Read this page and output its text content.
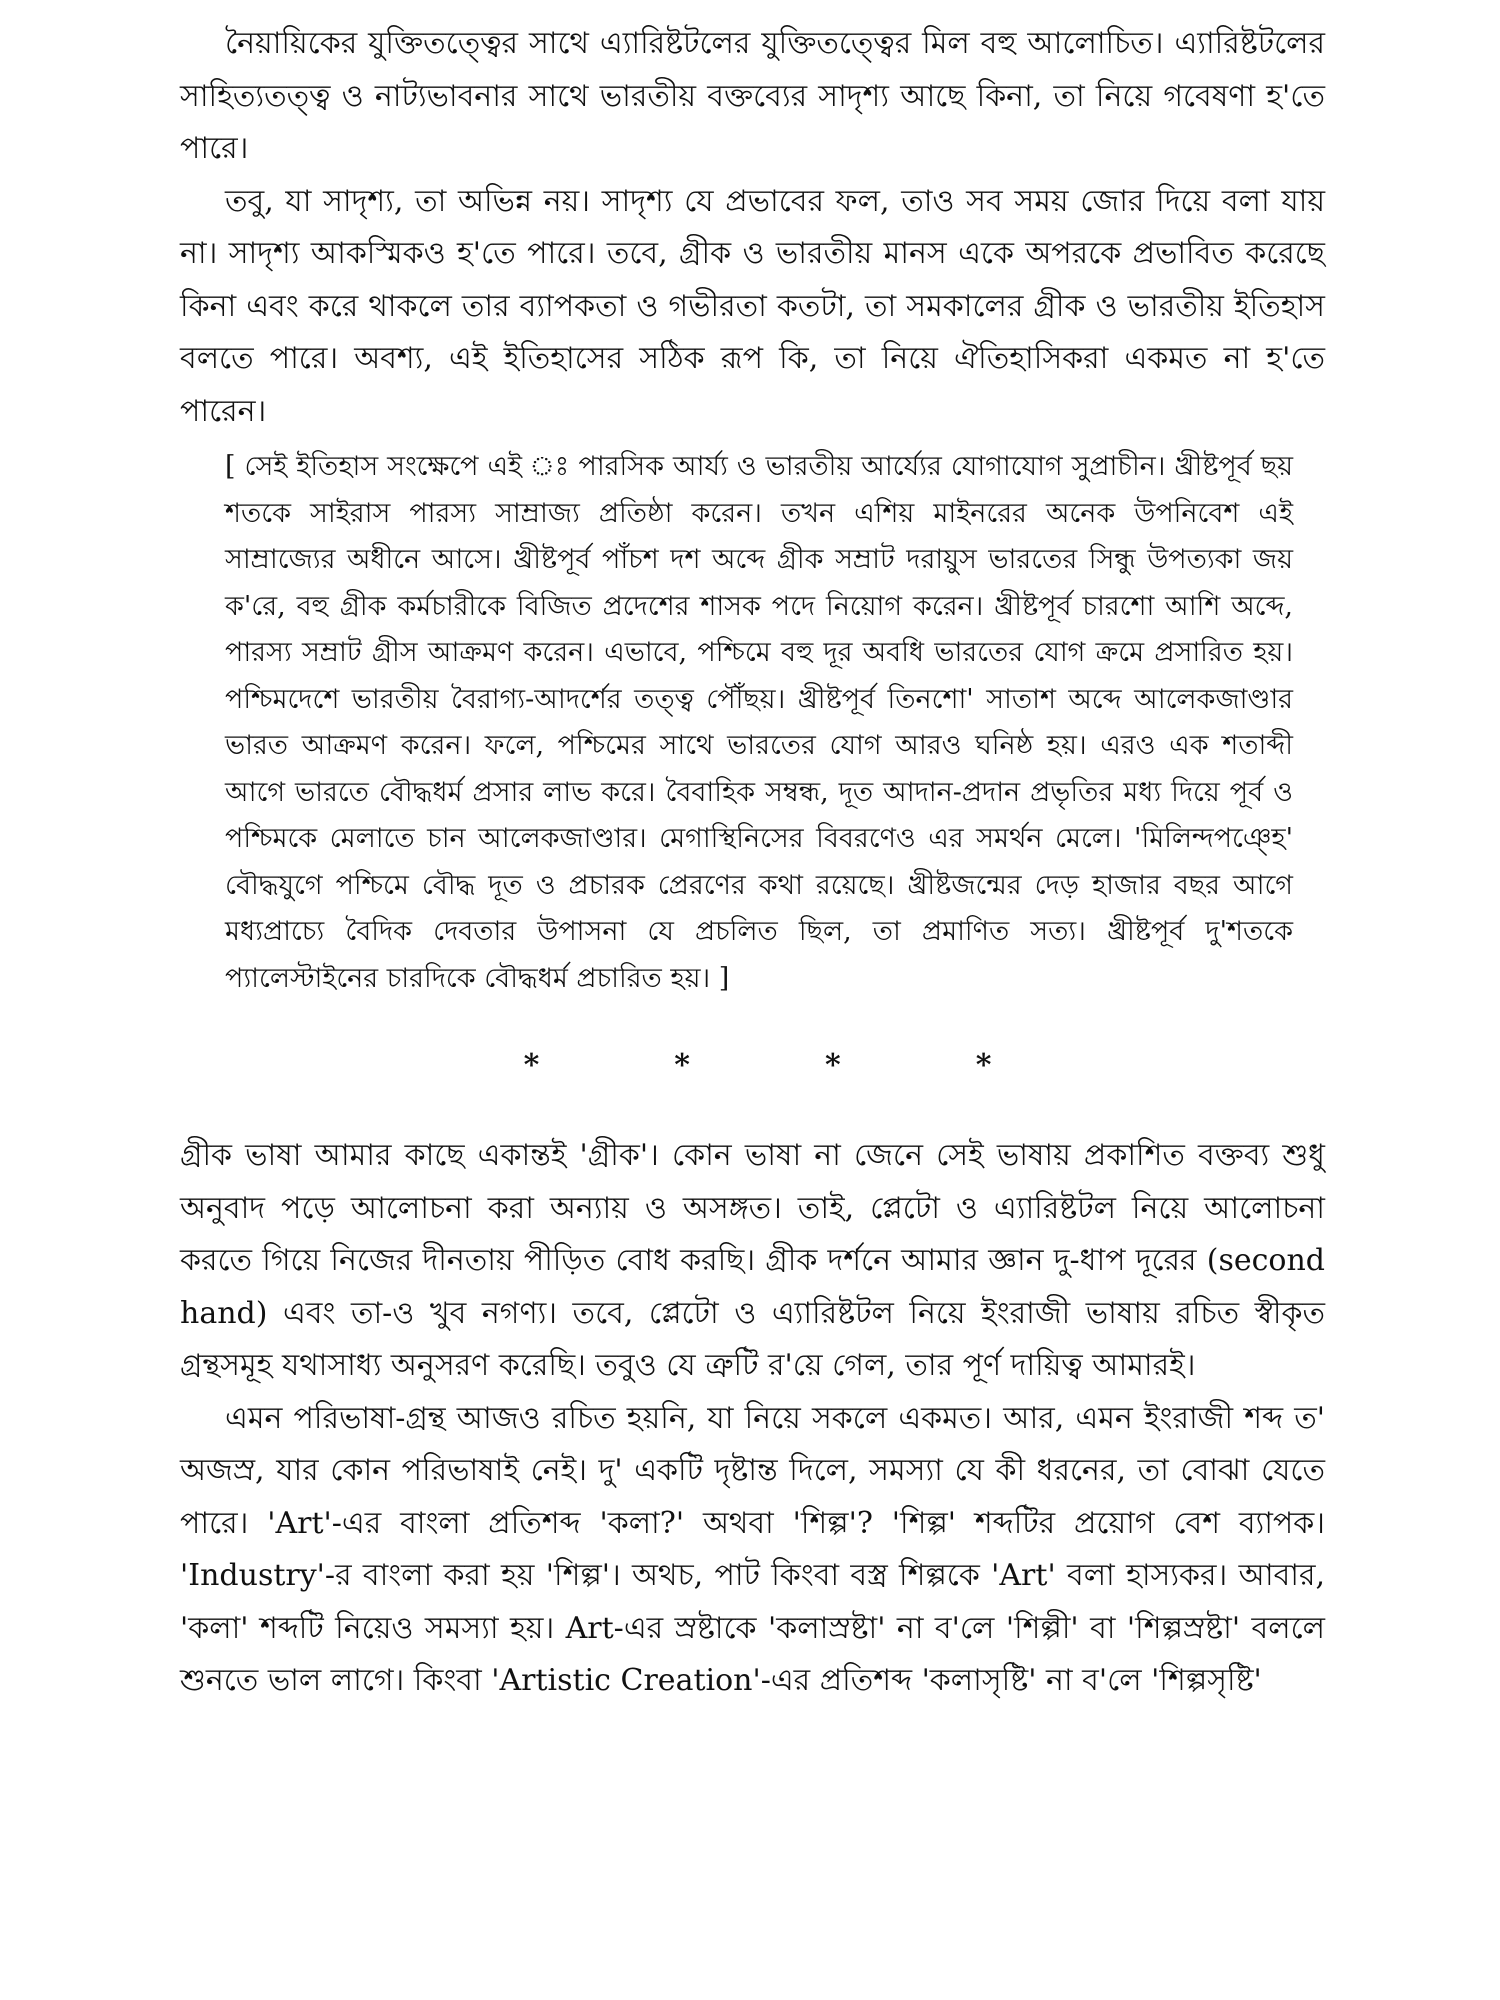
নৈয়ায়িকের যুক্তিতত্ত্বের সাথে এ্যারিষ্টটলের যুক্তিতত্ত্বের মিল বহু আলোচিত। এ্যারিষ্টটলের সাহিত্যতত্ত্ব ও নাট্যভাবনার সাথে ভারতীয় বক্তব্যের সাদৃশ্য আছে কিনা, তা নিয়ে গবেষণা হ'তে পারে।

তবু, যা সাদৃশ্য, তা অভিন্ন নয়। সাদৃশ্য যে প্রভাবের ফল, তাও সব সময় জোর দিয়ে বলা যায় না। সাদৃশ্য আকস্মিকও হ'তে পারে। তবে, গ্রীক ও ভারতীয় মানস একে অপরকে প্রভাবিত করেছে কিনা এবং করে থাকলে তার ব্যাপকতা ও গভীরতা কতটা, তা সমকালের গ্রীক ও ভারতীয় ইতিহাস বলতে পারে। অবশ্য, এই ইতিহাসের সঠিক রূপ কি, তা নিয়ে ঐতিহাসিকরা একমত না হ'তে পারেন।

[ সেই ইতিহাস সংক্ষেপে এই ঃ পারসিক আর্য্য ও ভারতীয় আর্য্যের যোগাযোগ সুপ্রাচীন। খ্রীষ্টপূর্ব ছয় শতকে সাইরাস পারস্য সাম্রাজ্য প্রতিষ্ঠা করেন। তখন এশিয় মাইনরের অনেক উপনিবেশ এই সাম্রাজ্যের অধীনে আসে। খ্রীষ্টপূর্ব পাঁচশ দশ অব্দে গ্রীক সম্রাট দরায়ুস ভারতের সিন্ধু উপত্যকা জয় ক'রে, বহু গ্রীক কর্মচারীকে বিজিত প্রদেশের শাসক পদে নিয়োগ করেন। খ্রীষ্টপূর্ব চারশো আশি অব্দে, পারস্য সম্রাট গ্রীস আক্রমণ করেন। এভাবে, পশ্চিমে বহু দূর অবধি ভারতের যোগ ক্রমে প্রসারিত হয়। পশ্চিমদেশে ভারতীয় বৈরাগ্য-আদর্শের তত্ত্ব পৌঁছয়। খ্রীষ্টপূর্ব তিনশো' সাতাশ অব্দে আলেকজাণ্ডার ভারত আক্রমণ করেন। ফলে, পশ্চিমের সাথে ভারতের যোগ আরও ঘনিষ্ঠ হয়। এরও এক শতাব্দী আগে ভারতে বৌদ্ধধর্ম প্রসার লাভ করে। বৈবাহিক সম্বন্ধ, দূত আদান-প্রদান প্রভৃতির মধ্য দিয়ে পূর্ব ও পশ্চিমকে মেলাতে চান আলেকজাণ্ডার। মেগাস্থিনিসের বিবরণেও এর সমর্থন মেলে। 'মিলিন্দপঞ্হে' বৌদ্ধযুগে পশ্চিমে বৌদ্ধ দূত ও প্রচারক প্রেরণের কথা রয়েছে। খ্রীষ্টজন্মের দেড় হাজার বছর আগে মধ্যপ্রাচ্যে বৈদিক দেবতার উপাসনা যে প্রচলিত ছিল, তা প্রমাণিত সত্য। খ্রীষ্টপূর্ব দু'শতকে প্যালেস্টাইনের চারদিকে বৌদ্ধধর্ম প্রচারিত হয়। ]

*	*	*	*

গ্রীক ভাষা আমার কাছে একান্তই 'গ্রীক'। কোন ভাষা না জেনে সেই ভাষায় প্রকাশিত বক্তব্য শুধু অনুবাদ পড়ে আলোচনা করা অন্যায় ও অসঙ্গত। তাই, প্লেটো ও এ্যারিষ্টটল নিয়ে আলোচনা করতে গিয়ে নিজের দীনতায় পীড়িত বোধ করছি। গ্রীক দর্শনে আমার জ্ঞান দু-ধাপ দূরের (second hand) এবং তা-ও খুব নগণ্য। তবে, প্লেটো ও এ্যারিষ্টটল নিয়ে ইংরাজী ভাষায় রচিত স্বীকৃত গ্রন্থসমূহ যথাসাধ্য অনুসরণ করেছি। তবুও যে ত্রুটি র'য়ে গেল, তার পূর্ণ দায়িত্ব আমারই।

এমন পরিভাষা-গ্রন্থ আজও রচিত হয়নি, যা নিয়ে সকলে একমত। আর, এমন ইংরাজী শব্দ ত' অজস্র, যার কোন পরিভাষাই নেই। দু' একটি দৃষ্টান্ত দিলে, সমস্যা যে কী ধরনের, তা বোঝা যেতে পারে। 'Art'-এর বাংলা প্রতিশব্দ 'কলা?' অথবা 'শিল্প'? 'শিল্প' শব্দটির প্রয়োগ বেশ ব্যাপক। 'Industry'-র বাংলা করা হয় 'শিল্প'। অথচ, পাট কিংবা বস্ত্র শিল্পকে 'Art' বলা হাস্যকর। আবার, 'কলা' শব্দটি নিয়েও সমস্যা হয়। Art-এর স্রষ্টাকে 'কলাস্রষ্টা' না ব'লে 'শিল্পী' বা 'শিল্পস্রষ্টা' বললে শুনতে ভাল লাগে। কিংবা 'Artistic Creation'-এর প্রতিশব্দ 'কলাসৃষ্টি' না ব'লে 'শিল্পসৃষ্টি'
